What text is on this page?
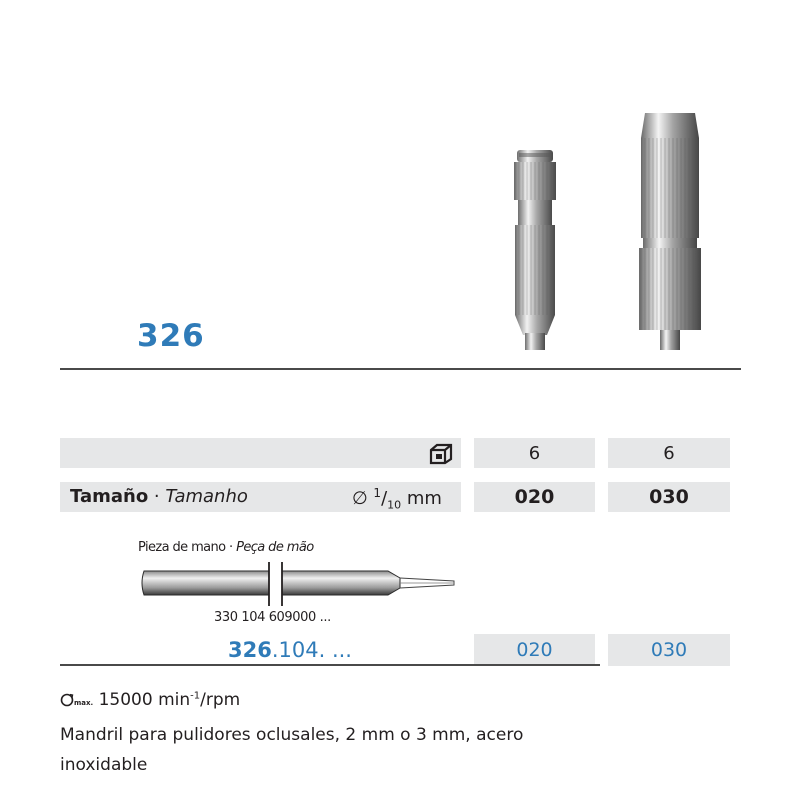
326
6	6
Tamaño · Tamanho	∅ $^1/_{10}$ mm	020	030
Pieza de mano · Peça de mão
330 104 609000 ...
326.104. ...	020	030
max. 15000 $\min^{-1}$/rpm
Mandril para pulidores oclusales, 2 mm o 3 mm, acero inoxidable
